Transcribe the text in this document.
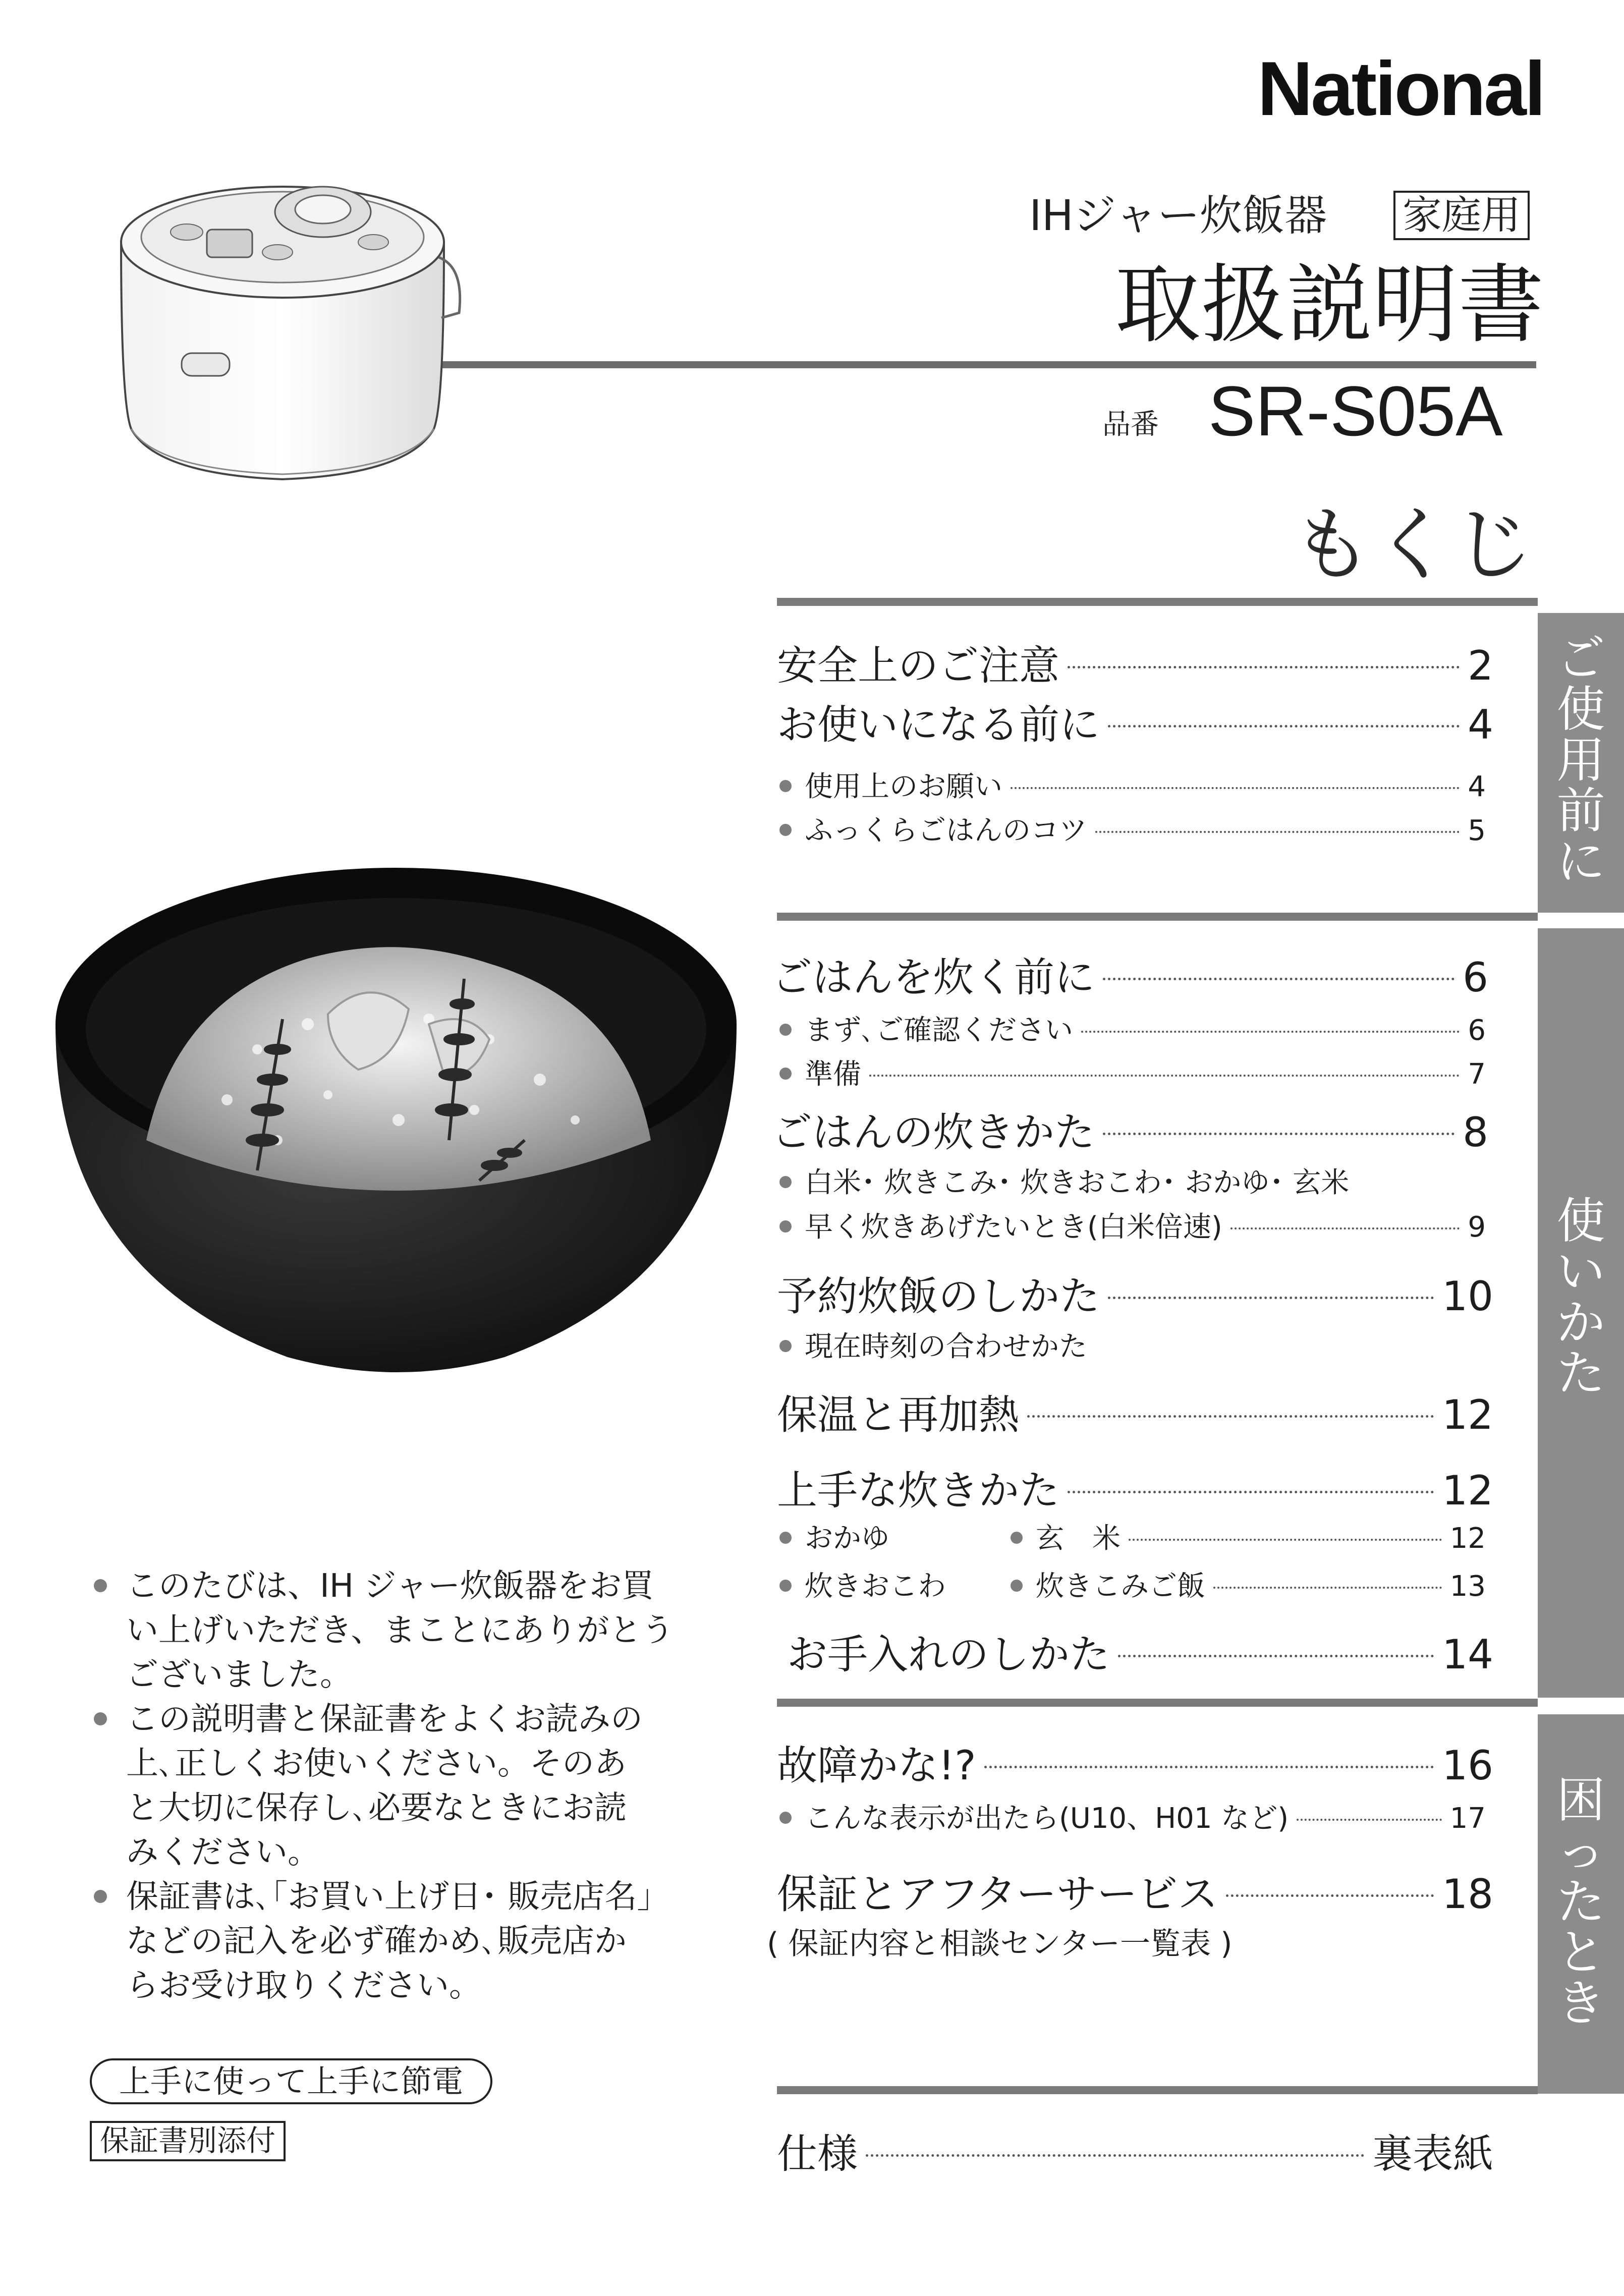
National
IHジャー炊飯器 家庭用
取扱説明書
品番 SR-S05A
もくじ
ご使用前に
安全上のご注意	2
お使いになる前に	4
使用上のお願い	4
ふっくらごはんのコツ	5
使いかた
ごはんを炊く前に	6
まず､ご確認ください	6
準備	7
ごはんの炊きかた	8
白米･ 炊きこみ･ 炊きおこわ･ おかゆ･ 玄米
早く炊きあげたいとき(白米倍速)	9
予約炊飯のしかた	10
現在時刻の合わせかた
保温と再加熱	12
上手な炊きかた	12
おかゆ	玄　米	12
炊きおこわ	炊きこみご飯	13
お手入れのしかた	14
困ったとき
故障かな!?	16
こんな表示が出たら(U10、H01 など)	17
保証とアフターサービス	18
( 保証内容と相談センター一覧表 )
仕様	裏表紙
このたびは、IH ジャー炊飯器をお買
い上げいただき、まことにありがとう
ございました。
この説明書と保証書をよくお読みの
上､正しくお使いください。そのあ
と大切に保存し､必要なときにお読
みください。
保証書は､｢お買い上げ日･ 販売店名｣
などの記入を必ず確かめ､販売店か
らお受け取りください。
上手に使って上手に節電
保証書別添付
